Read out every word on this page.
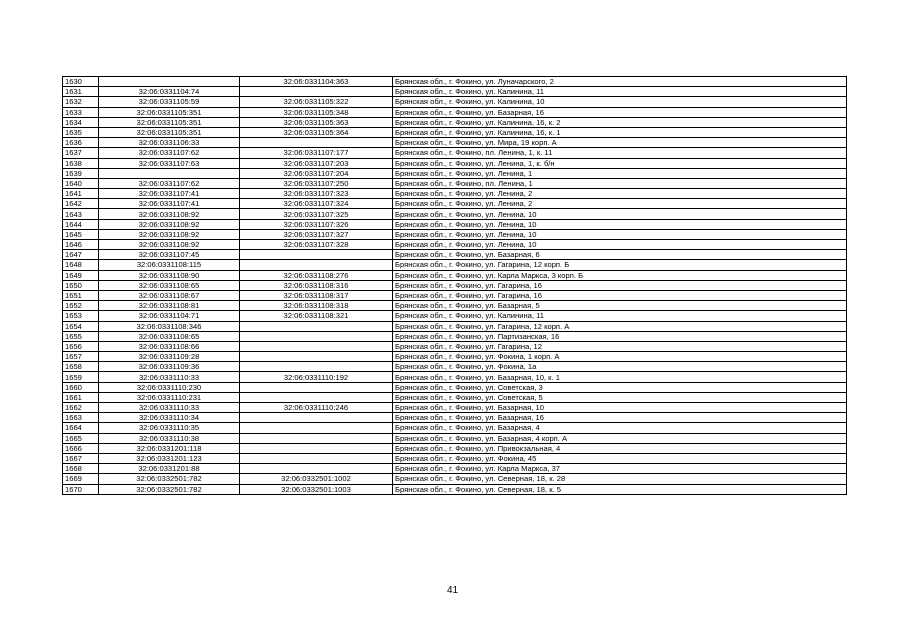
1630		32:06:0331104:363	Брянская обл., г. Фокино, ул. Луначарского, 2
1631	32:06:0331104:74		Брянская обл., г. Фокино, ул. Калинина, 11
1632	32:06:0331105:59	32:06:0331105:322	Брянская обл., г. Фокино, ул. Калинина, 10
1633	32:06:0331105:351	32:06:0331105:348	Брянская обл., г. Фокино, ул. Базарная, 16
1634	32:06:0331105:351	32:06:0331105:363	Брянская обл., г. Фокино, ул. Калинина, 16, к. 2
1635	32:06:0331105:351	32:06:0331105:364	Брянская обл., г. Фокино, ул. Калинина, 16, к. 1
1636	32:06:0331106:33		Брянская обл., г. Фокино, ул. Мира, 19 корп. А
1637	32:06:0331107:62	32:06:0331107:177	Брянская обл., г. Фокино, пл. Ленина, 1, к. 11
1638	32:06:0331107:63	32:06:0331107:203	Брянская обл., г. Фокино, ул. Ленина, 1, к. б/н
1639		32:06:0331107:204	Брянская обл., г. Фокино, ул. Ленина, 1
1640	32:06:0331107:62	32:06:0331107:250	Брянская обл., г. Фокино, пл. Ленина, 1
1641	32:06:0331107:41	32:06:0331107:323	Брянская обл., г. Фокино, ул. Ленина, 2
1642	32:06:0331107:41	32:06:0331107:324	Брянская обл., г. Фокино, ул. Ленина, 2
1643	32:06:0331108:92	32:06:0331107:325	Брянская обл., г. Фокино, ул. Ленина, 10
1644	32:06:0331108:92	32:06:0331107:326	Брянская обл., г. Фокино, ул. Ленина, 10
1645	32:06:0331108:92	32:06:0331107:327	Брянская обл., г. Фокино, ул. Ленина, 10
1646	32:06:0331108:92	32:06:0331107:328	Брянская обл., г. Фокино, ул. Ленина, 10
1647	32:06:0331107:45		Брянская обл., г. Фокино, ул. Базарная, 6
1648	32:06:0331108:115		Брянская обл., г. Фокино, ул. Гагарина, 12 корп. Б
1649	32:06:0331108:90	32:06:0331108:276	Брянская обл., г. Фокино, ул. Карла Маркса, 3 корп. Б
1650	32:06:0331108:65	32:06:0331108:316	Брянская обл., г. Фокино, ул. Гагарина, 16
1651	32:06:0331108:67	32:06:0331108:317	Брянская обл., г. Фокино, ул. Гагарина, 16
1652	32:06:0331108:81	32:06:0331108:318	Брянская обл., г. Фокино, ул. Базарная, 5
1653	32:06:0331104:71	32:06:0331108:321	Брянская обл., г. Фокино, ул. Калинина, 11
1654	32:06:0331108:346		Брянская обл., г. Фокино, ул. Гагарина, 12 корп. А
1655	32:06:0331108:65		Брянская обл., г. Фокино, ул. Партизанская, 16
1656	32:06:0331108:66		Брянская обл., г. Фокино, ул. Гагарина, 12
1657	32:06:0331109:28		Брянская обл., г. Фокино, ул. Фокина, 1 корп. А
1658	32:06:0331109:36		Брянская обл., г. Фокино, ул. Фокина, 1а
1659	32:06:0331110:33	32:06:0331110:192	Брянская обл., г. Фокино, ул. Базарная, 10, к. 1
1660	32:06:0331110:230		Брянская обл., г. Фокино, ул. Советская, 3
1661	32:06:0331110:231		Брянская обл., г. Фокино, ул. Советская, 5
1662	32:06:0331110:33	32:06:0331110:246	Брянская обл., г. Фокино, ул. Базарная, 10
1663	32:06:0331110:34		Брянская обл., г. Фокино, ул. Базарная, 16
1664	32:06:0331110:35		Брянская обл., г. Фокино, ул. Базарная, 4
1665	32:06:0331110:38		Брянская обл., г. Фокино, ул. Базарная, 4 корп. А
1666	32:06:0331201:118		Брянская обл., г. Фокино, ул. Привокзальная, 4
1667	32:06:0331201:123		Брянская обл., г. Фокино, ул. Фокина, 45
1668	32:06:0331201:88		Брянская обл., г. Фокино, ул. Карла Маркса, 37
1669	32:06:0332501:782	32:06:0332501:1002	Брянская обл., г. Фокино, ул. Северная, 18, к. 28
1670	32:06:0332501:782	32:06:0332501:1003	Брянская обл., г. Фокино, ул. Северная, 18, к. 5
41
